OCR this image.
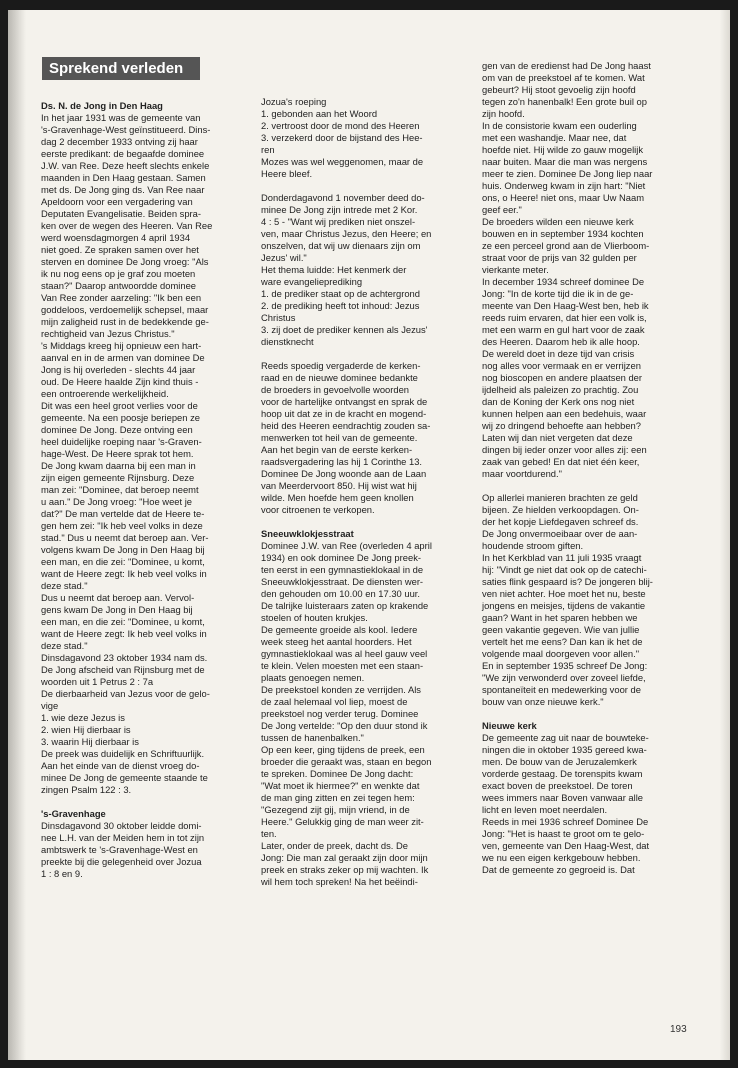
Sprekend verleden

Ds. N. de Jong in Den Haag

In het jaar 1931 was de gemeente van

's-Gravenhage-West geïnstitueerd. Dins-

dag 2 december 1933 ontving zij haar

eerste predikant: de begaafde dominee

J.W. van Ree. Deze heeft slechts enkele

maanden in Den Haag gestaan. Samen

met ds. De Jong ging ds. Van Ree naar

Apeldoorn voor een vergadering van

Deputaten Evangelisatie. Beiden spra-

ken over de wegen des Heeren. Van Ree

werd woensdagmorgen 4 april 1934

niet goed. Ze spraken samen over het

sterven en dominee De Jong vroeg: "Als

ik nu nog eens op je graf zou moeten

staan?" Daarop antwoordde dominee

Van Ree zonder aarzeling: "Ik ben een

goddeloos, verdoemelijk schepsel, maar

mijn zaligheid rust in de bedekkende ge-

rechtigheid van Jezus Christus."

's Middags kreeg hij opnieuw een hart-

aanval en in de armen van dominee De

Jong is hij overleden - slechts 44 jaar

oud. De Heere haalde Zijn kind thuis -

een ontroerende werkelijkheid.

Dit was een heel groot verlies voor de

gemeente. Na een poosje beriepen ze

dominee De Jong. Deze ontving een

heel duidelijke roeping naar 's-Graven-

hage-West. De Heere sprak tot hem.

De Jong kwam daarna bij een man in

zijn eigen gemeente Rijnsburg. Deze

man zei: "Dominee, dat beroep neemt

u aan." De Jong vroeg: "Hoe weet je

dat?" De man vertelde dat de Heere te-

gen hem zei: "Ik heb veel volks in deze

stad." Dus u neemt dat beroep aan. Ver-

volgens kwam De Jong in Den Haag bij

een man, en die zei: "Dominee, u komt,

want de Heere zegt: Ik heb veel volks in

deze stad."

Dus u neemt dat beroep aan. Vervol-

gens kwam De Jong in Den Haag bij

een man, en die zei: "Dominee, u komt,

want de Heere zegt: Ik heb veel volks in

deze stad."

Dinsdagavond 23 oktober 1934 nam ds.

De Jong afscheid van Rijnsburg met de

woorden uit 1 Petrus 2 : 7a

De dierbaarheid van Jezus voor de gelo-

vige

1. wie deze Jezus is

2. wien Hij dierbaar is

3. waarin Hij dierbaar is

De preek was duidelijk en Schriftuurlijk.

Aan het einde van de dienst vroeg do-

minee De Jong de gemeente staande te

zingen Psalm 122 : 3.

's-Gravenhage

Dinsdagavond 30 oktober leidde domi-

nee L.H. van der Meiden hem in tot zijn

ambtswerk te 's-Gravenhage-West en

preekte bij die gelegenheid over Jozua

1 : 8 en 9.

Jozua's roeping

1. gebonden aan het Woord

2. vertroost door de mond des Heeren

3. verzekerd door de bijstand des Hee-

ren

Mozes was wel weggenomen, maar de

Heere bleef.

Donderdagavond 1 november deed do-

minee De Jong zijn intrede met 2 Kor.

4 : 5 - "Want wij prediken niet onszel-

ven, maar Christus Jezus, den Heere; en

onszelven, dat wij uw dienaars zijn om

Jezus' wil."

Het thema luidde: Het kenmerk der

ware evangelieprediking

1. de prediker staat op de achtergrond

2. de prediking heeft tot inhoud: Jezus

Christus

3. zij doet de prediker kennen als Jezus'

dienstknecht

Reeds spoedig vergaderde de kerken-

raad en de nieuwe dominee bedankte

de broeders in gevoelvolle woorden

voor de hartelijke ontvangst en sprak de

hoop uit dat ze in de kracht en mogend-

heid des Heeren eendrachtig zouden sa-

menwerken tot heil van de gemeente.

Aan het begin van de eerste kerken-

raadsvergadering las hij 1 Corinthe 13.

Dominee De Jong woonde aan de Laan

van Meerdervoort 850. Hij wist wat hij

wilde. Men hoefde hem geen knollen

voor citroenen te verkopen.

Sneeuwklokjesstraat

Dominee J.W. van Ree (overleden 4 april

1934) en ook dominee De Jong preek-

ten eerst in een gymnastieklokaal in de

Sneeuwklokjesstraat. De diensten wer-

den gehouden om 10.00 en 17.30 uur.

De talrijke luisteraars zaten op krakende

stoelen of houten krukjes.

De gemeente groeide als kool. Iedere

week steeg het aantal hoorders. Het

gymnastieklokaal was al heel gauw veel

te klein. Velen moesten met een staan-

plaats genoegen nemen.

De preekstoel konden ze verrijden. Als

de zaal helemaal vol liep, moest de

preekstoel nog verder terug. Dominee

De Jong vertelde: "Op den duur stond ik

tussen de hanenbalken."

Op een keer, ging tijdens de preek, een

broeder die geraakt was, staan en begon

te spreken. Dominee De Jong dacht:

"Wat moet ik hiermee?" en wenkte dat

de man ging zitten en zei tegen hem:

"Gezegend zijt gij, mijn vriend, in de

Heere." Gelukkig ging de man weer zit-

ten.

Later, onder de preek, dacht ds. De

Jong: Die man zal geraakt zijn door mijn

preek en straks zeker op mij wachten. Ik

wil hem toch spreken! Na het beëindi-

gen van de eredienst had De Jong haast

om van de preekstoel af te komen. Wat

gebeurt? Hij stoot gevoelig zijn hoofd

tegen zo'n hanenbalk! Een grote buil op

zijn hoofd.

In de consistorie kwam een ouderling

met een washandje. Maar nee, dat

hoefde niet. Hij wilde zo gauw mogelijk

naar buiten. Maar die man was nergens

meer te zien. Dominee De Jong liep naar

huis. Onderweg kwam in zijn hart: "Niet

ons, o Heere! niet ons, maar Uw Naam

geef eer."

De broeders wilden een nieuwe kerk

bouwen en in september 1934 kochten

ze een perceel grond aan de Vlierboom-

straat voor de prijs van 32 gulden per

vierkante meter.

In december 1934 schreef dominee De

Jong: "In de korte tijd die ik in de ge-

meente van Den Haag-West ben, heb ik

reeds ruim ervaren, dat hier een volk is,

met een warm en gul hart voor de zaak

des Heeren. Daarom heb ik alle hoop.

De wereld doet in deze tijd van crisis

nog alles voor vermaak en er verrijzen

nog bioscopen en andere plaatsen der

ijdelheid als paleizen zo prachtig. Zou

dan de Koning der Kerk ons nog niet

kunnen helpen aan een bedehuis, waar

wij zo dringend behoefte aan hebben?

Laten wij dan niet vergeten dat deze

dingen bij ieder onzer voor alles zij: een

zaak van gebed! En dat niet één keer,

maar voortdurend."

Op allerlei manieren brachten ze geld

bijeen. Ze hielden verkoopdagen. On-

der het kopje Liefdegaven schreef ds.

De Jong onvermoeibaar over de aan-

houdende stroom giften.

In het Kerkblad van 11 juli 1935 vraagt

hij: "Vindt ge niet dat ook op de catechi-

saties flink gespaard is? De jongeren blij-

ven niet achter. Hoe moet het nu, beste

jongens en meisjes, tijdens de vakantie

gaan? Want in het sparen hebben we

geen vakantie gegeven. Wie van jullie

vertelt het me eens? Dan kan ik het de

volgende maal doorgeven voor allen."

En in september 1935 schreef De Jong:

"We zijn verwonderd over zoveel liefde,

spontaneïteit en medewerking voor de

bouw van onze nieuwe kerk."

Nieuwe kerk

De gemeente zag uit naar de bouwteke-

ningen die in oktober 1935 gereed kwa-

men. De bouw van de Jeruzalemkerk

vorderde gestaag. De torenspits kwam

exact boven de preekstoel. De toren

wees immers naar Boven vanwaar alle

licht en leven moet neerdalen.

Reeds in mei 1936 schreef Dominee De

Jong: "Het is haast te groot om te gelo-

ven, gemeente van Den Haag-West, dat

we nu een eigen kerkgebouw hebben.

Dat de gemeente zo gegroeid is. Dat

193
